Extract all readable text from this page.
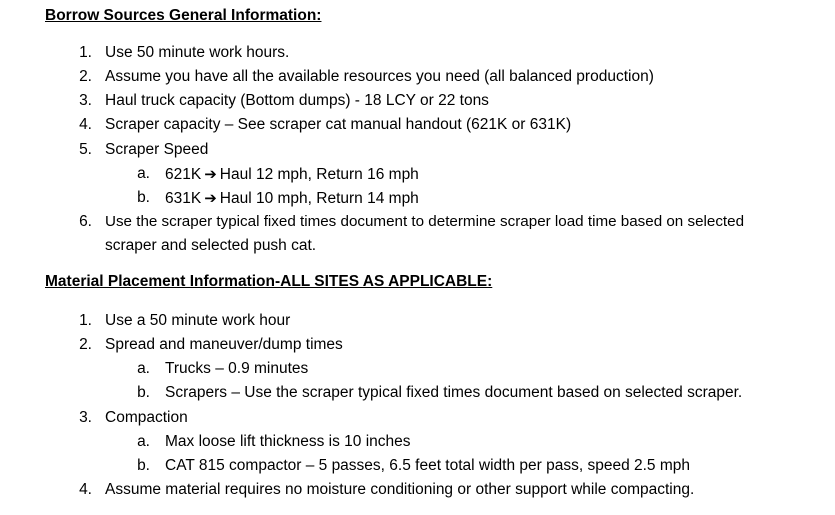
Borrow Sources General Information:
1. Use 50 minute work hours.
2. Assume you have all the available resources you need (all balanced production)
3. Haul truck capacity (Bottom dumps) - 18 LCY or 22 tons
4. Scraper capacity – See scraper cat manual handout (621K or 631K)
5. Scraper Speed
a. 621K ➔ Haul 12 mph, Return 16 mph
b. 631K ➔ Haul 10 mph, Return 14 mph
6. Use the scraper typical fixed times document to determine scraper load time based on selected
scraper and selected push cat.
Material Placement Information-ALL SITES AS APPLICABLE:
1. Use a 50 minute work hour
2. Spread and maneuver/dump times
a. Trucks – 0.9 minutes
b. Scrapers – Use the scraper typical fixed times document based on selected scraper.
3. Compaction
a. Max loose lift thickness is 10 inches
b. CAT 815 compactor – 5 passes, 6.5 feet total width per pass, speed 2.5 mph
4. Assume material requires no moisture conditioning or other support while compacting.
